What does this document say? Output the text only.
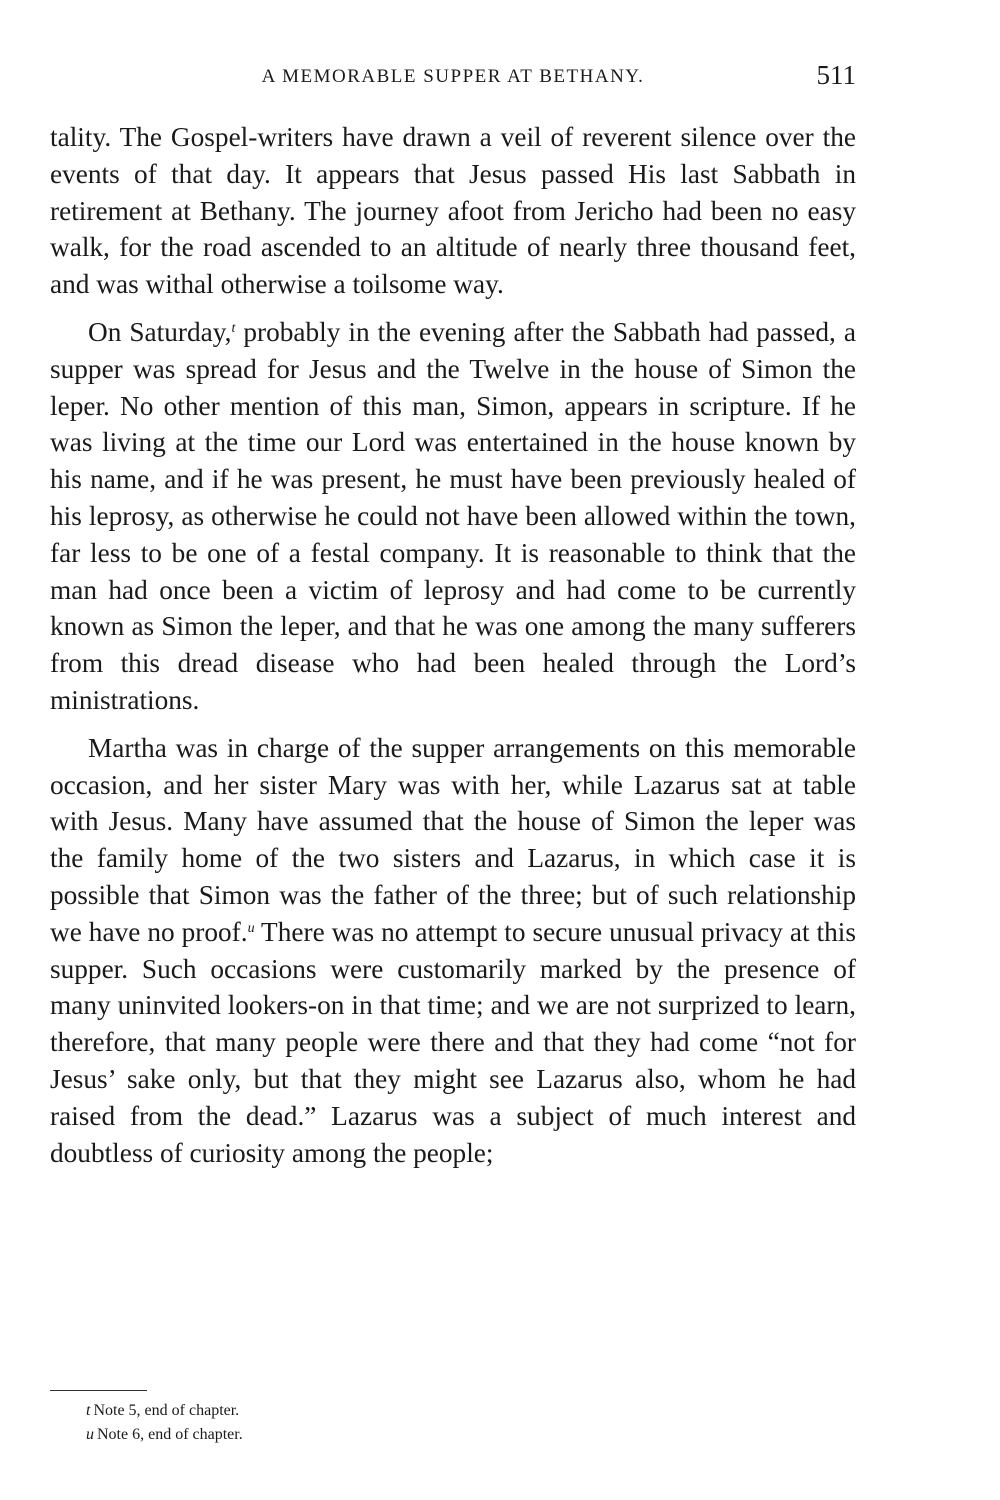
A MEMORABLE SUPPER AT BETHANY.	511

tality. The Gospel-writers have drawn a veil of reverent silence over the events of that day. It appears that Jesus passed His last Sabbath in retirement at Bethany. The journey afoot from Jericho had been no easy walk, for the road ascended to an altitude of nearly three thousand feet, and was withal otherwise a toilsome way.

On Saturday,$^t$ probably in the evening after the Sabbath had passed, a supper was spread for Jesus and the Twelve in the house of Simon the leper. No other mention of this man, Simon, appears in scripture. If he was living at the time our Lord was entertained in the house known by his name, and if he was present, he must have been previously healed of his leprosy, as otherwise he could not have been allowed within the town, far less to be one of a festal company. It is reasonable to think that the man had once been a victim of leprosy and had come to be currently known as Simon the leper, and that he was one among the many sufferers from this dread disease who had been healed through the Lord’s ministrations.

Martha was in charge of the supper arrangements on this memorable occasion, and her sister Mary was with her, while Lazarus sat at table with Jesus. Many have assumed that the house of Simon the leper was the family home of the two sisters and Lazarus, in which case it is possible that Simon was the father of the three; but of such relationship we have no proof.$^u$ There was no attempt to secure unusual privacy at this supper. Such occasions were customarily marked by the presence of many uninvited lookers-on in that time; and we are not surprized to learn, therefore, that many people were there and that they had come “not for Jesus’ sake only, but that they might see Lazarus also, whom he had raised from the dead.” Lazarus was a subject of much interest and doubtless of curiosity among the people;

t Note 5, end of chapter.
u Note 6, end of chapter.
